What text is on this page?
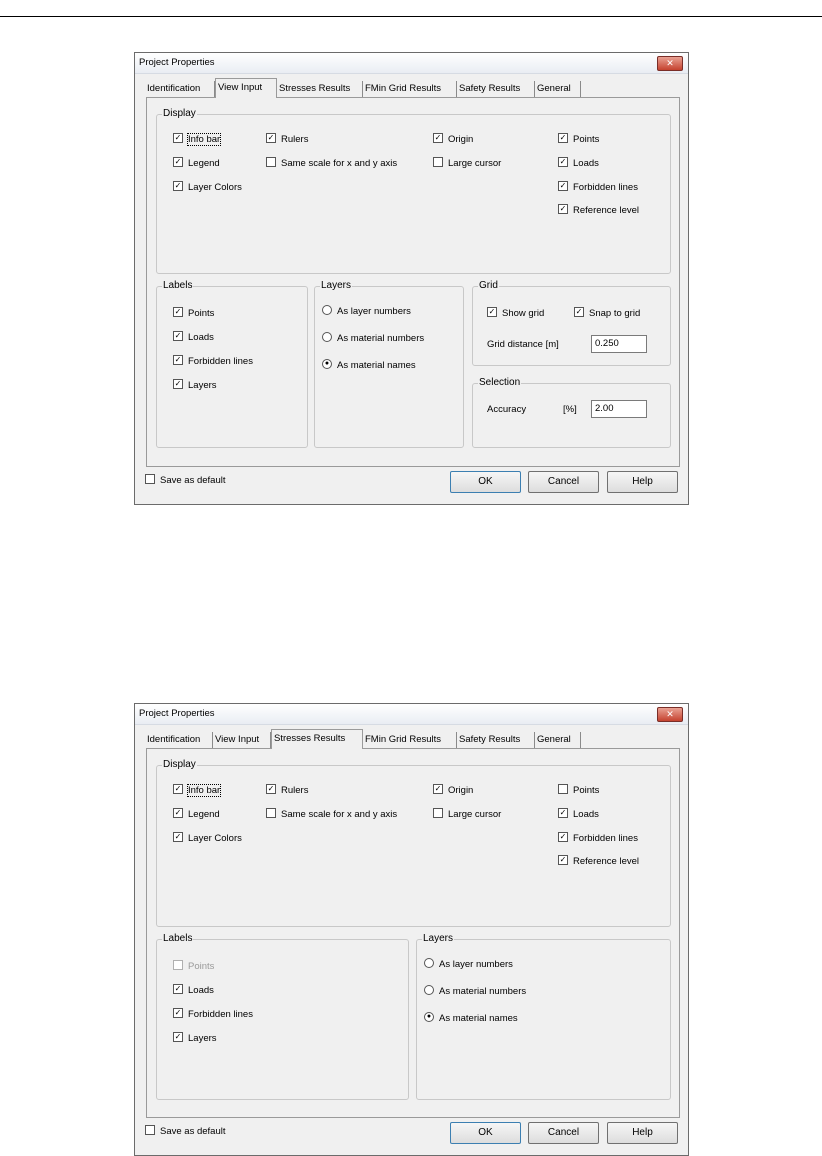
Project Properties	✕
Identification	View Input	Stresses Results	FMin Grid Results	Safety Results	General
Display
✓ Info bar
✓ Legend
✓ Layer Colors
✓ Rulers
Same scale for x and y axis
✓ Origin
Large cursor
✓ Points
✓ Loads
✓ Forbidden lines
✓ Reference level
Labels
✓ Points
✓ Loads
✓ Forbidden lines
✓ Layers
Layers
As layer numbers
As material numbers
● As material names
Grid
✓ Show grid	✓ Snap to grid
Grid distance [m]	0.250
Selection
Accuracy	[%]	2.00
Save as default	OK	Cancel	Help
Project Properties	✕
Identification	View Input	Stresses Results	FMin Grid Results	Safety Results	General
Display
✓ Info bar
✓ Legend
✓ Layer Colors
✓ Rulers
Same scale for x and y axis
✓ Origin
Large cursor
Points
✓ Loads
✓ Forbidden lines
✓ Reference level
Labels
Points
✓ Loads
✓ Forbidden lines
✓ Layers
Layers
As layer numbers
As material numbers
● As material names
Save as default	OK	Cancel	Help
